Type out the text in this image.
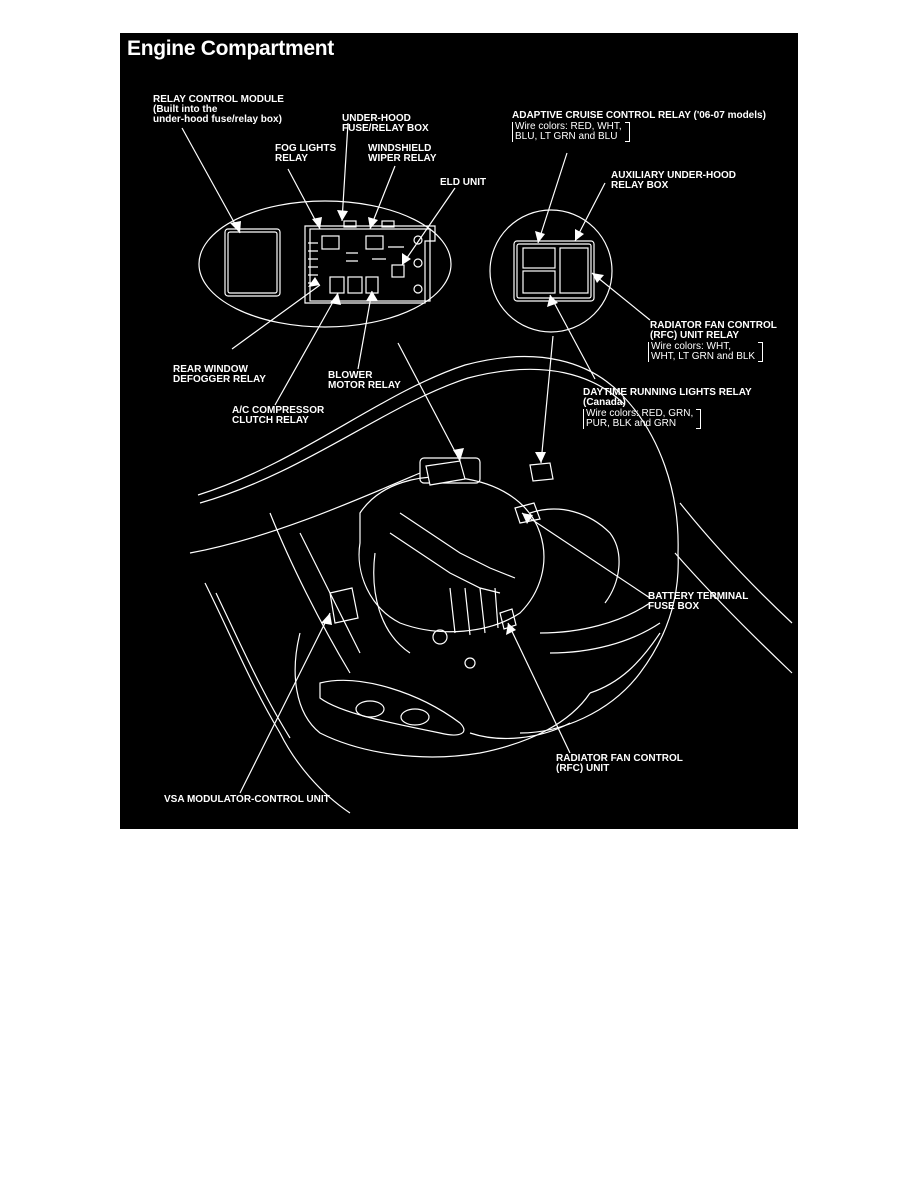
Engine Compartment
RELAY CONTROL MODULE
(Built into the
under-hood fuse/relay box)	UNDER-HOOD
FUSE/RELAY BOX
FOG LIGHTS
RELAY
WINDSHIELD
WIPER RELAY
ELD UNIT
ADAPTIVE CRUISE CONTROL RELAY ('06-07 models)
Wire colors: RED, WHT,
BLU, LT GRN and BLU
AUXILIARY UNDER-HOOD
RELAY BOX
RADIATOR FAN CONTROL
(RFC) UNIT RELAY
Wire colors: WHT,
WHT, LT GRN and BLK
REAR WINDOW
DEFOGGER RELAY	BLOWER
MOTOR RELAY
A/C COMPRESSOR
CLUTCH RELAY
DAYTIME RUNNING LIGHTS RELAY
(Canada)
Wire colors: RED, GRN,
PUR, BLK and GRN
BATTERY TERMINAL
FUSE BOX
RADIATOR FAN CONTROL
(RFC) UNIT
VSA MODULATOR-CONTROL UNIT
